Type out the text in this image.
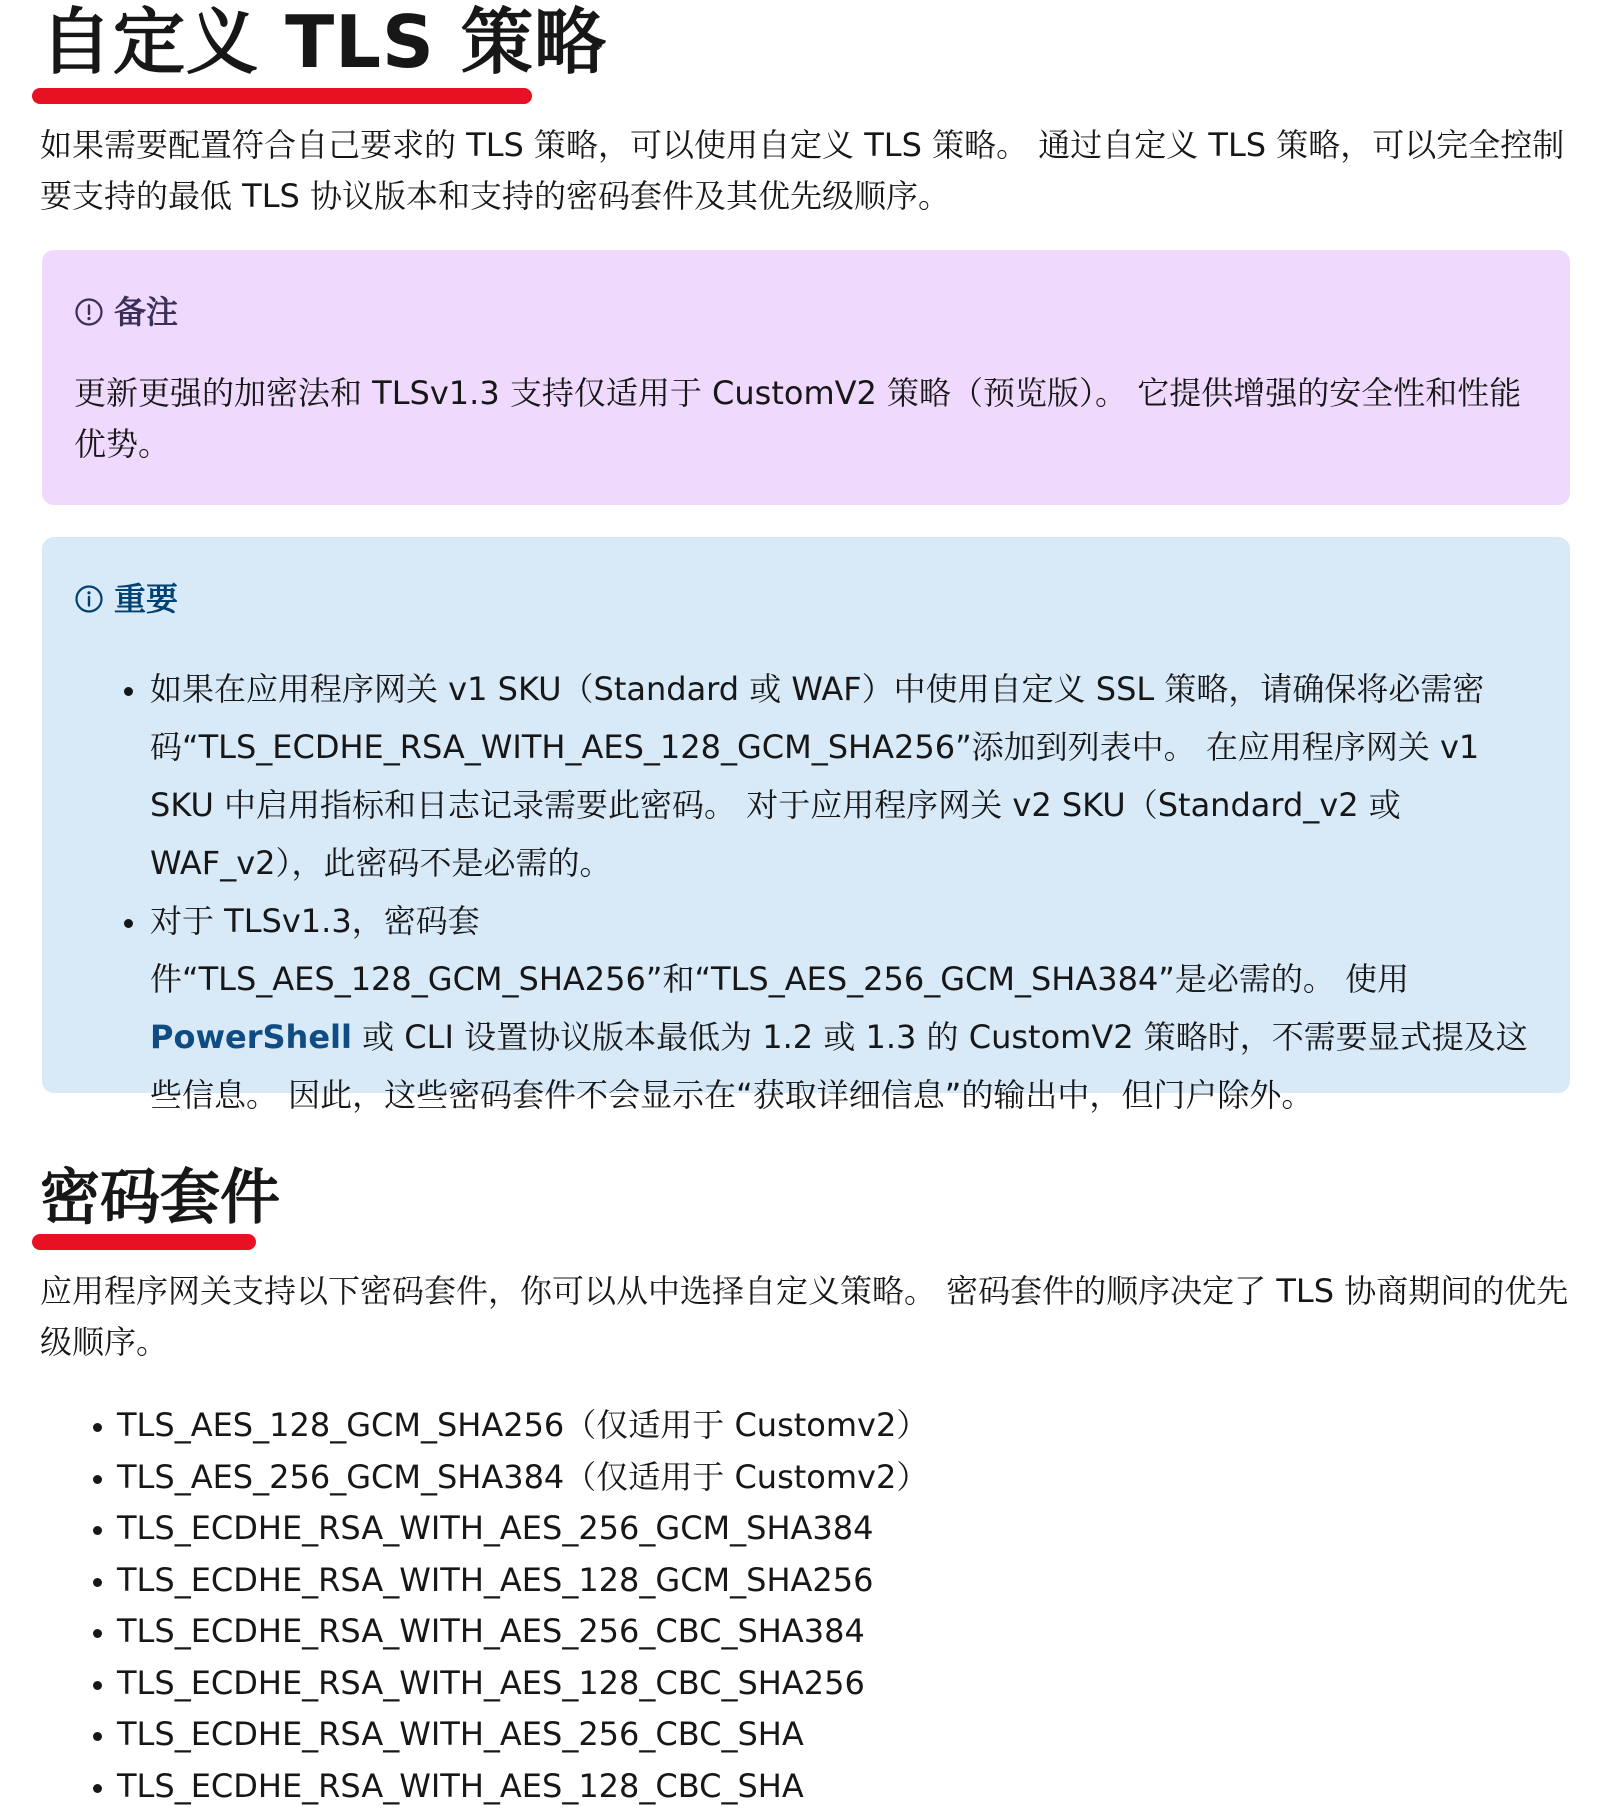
自定义 TLS 策略

如果需要配置符合自己要求的 TLS 策略，可以使用自定义 TLS 策略。 通过自定义 TLS 策略，可以完全控制要支持的最低 TLS 协议版本和支持的密码套件及其优先级顺序。

备注
更新更强的加密法和 TLSv1.3 支持仅适用于 CustomV2 策略（预览版）。 它提供增强的安全性和性能优势。
重要
• 如果在应用程序网关 v1 SKU（Standard 或 WAF）中使用自定义 SSL 策略，请确保将必需密码“TLS_ECDHE_RSA_WITH_AES_128_GCM_SHA256”添加到列表中。 在应用程序网关 v1 SKU 中启用指标和日志记录需要此密码。 对于应用程序网关 v2 SKU（Standard_v2 或 WAF_v2），此密码不是必需的。
• 对于 TLSv1.3，密码套件“TLS_AES_128_GCM_SHA256”和“TLS_AES_256_GCM_SHA384”是必需的。 使用 PowerShell 或 CLI 设置协议版本最低为 1.2 或 1.3 的 CustomV2 策略时，不需要显式提及这些信息。 因此，这些密码套件不会显示在“获取详细信息”的输出中，但门户除外。
密码套件

应用程序网关支持以下密码套件，你可以从中选择自定义策略。 密码套件的顺序决定了 TLS 协商期间的优先级顺序。

• TLS_AES_128_GCM_SHA256（仅适用于 Customv2）
• TLS_AES_256_GCM_SHA384（仅适用于 Customv2）
• TLS_ECDHE_RSA_WITH_AES_256_GCM_SHA384
• TLS_ECDHE_RSA_WITH_AES_128_GCM_SHA256
• TLS_ECDHE_RSA_WITH_AES_256_CBC_SHA384
• TLS_ECDHE_RSA_WITH_AES_128_CBC_SHA256
• TLS_ECDHE_RSA_WITH_AES_256_CBC_SHA
• TLS_ECDHE_RSA_WITH_AES_128_CBC_SHA
